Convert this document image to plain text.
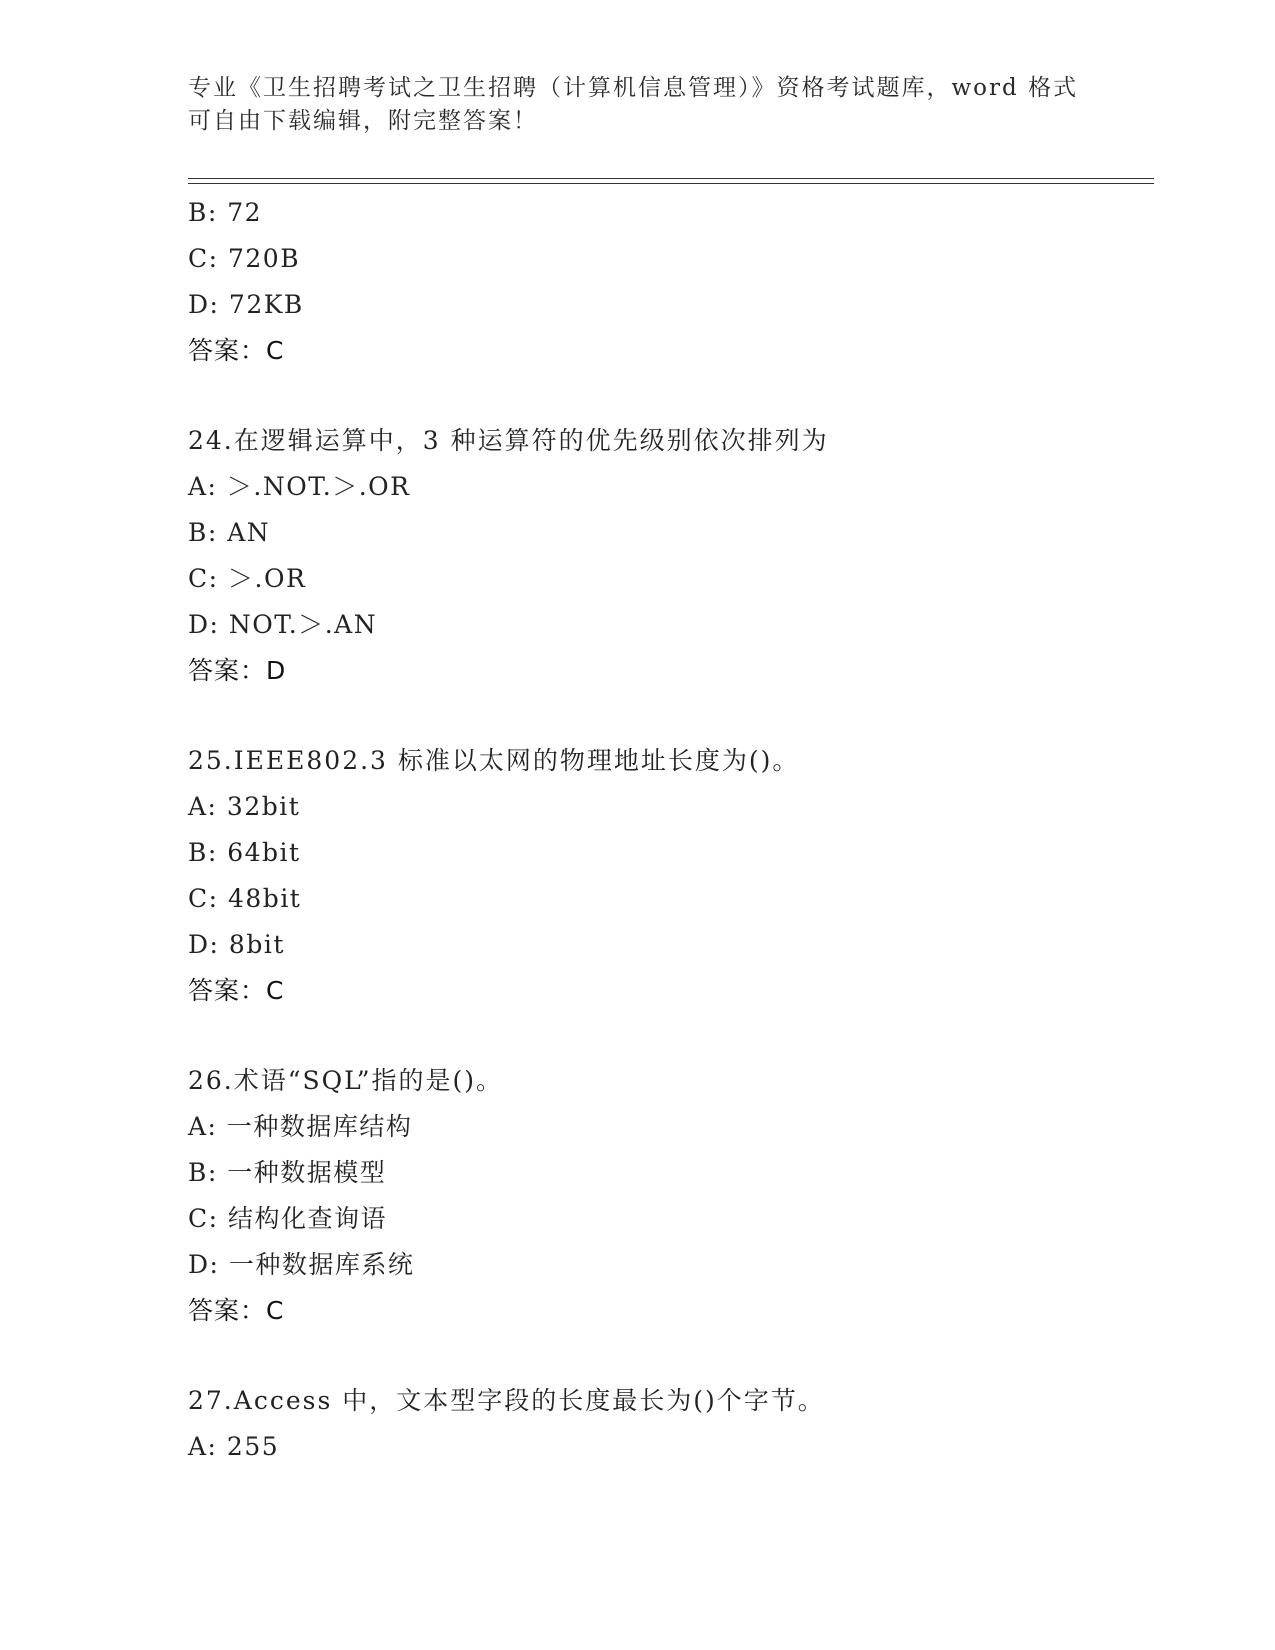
专业《卫生招聘考试之卫生招聘（计算机信息管理）》资格考试题库，word 格式
可自由下载编辑，附完整答案！
B: 72
C: 720B
D: 72KB
答案：C
24.在逻辑运算中，3 种运算符的优先级别依次排列为
A: ＞.NOT.＞.OR
B: AN
C: ＞.OR
D: NOT.＞.AN
答案：D
25.IEEE802.3 标准以太网的物理地址长度为()。
A: 32bit
B: 64bit
C: 48bit
D: 8bit
答案：C
26.术语“SQL”指的是()。
A: 一种数据库结构
B: 一种数据模型
C: 结构化查询语
D: 一种数据库系统
答案：C
27.Access 中，文本型字段的长度最长为()个字节。
A: 255
